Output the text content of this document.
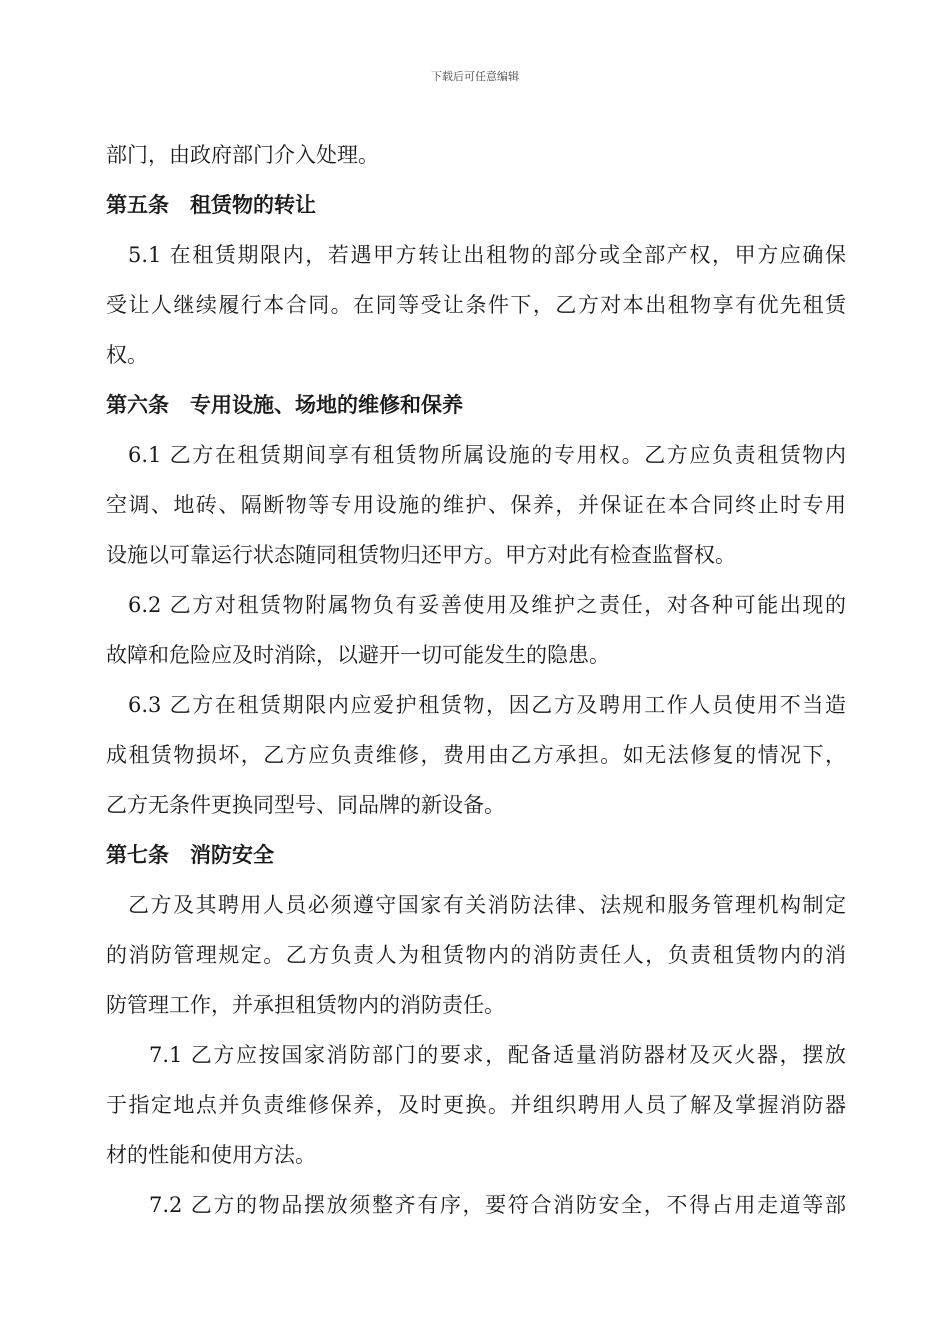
下载后可任意编辑
部门，由政府部门介入处理。
第五条　租赁物的转让
5.1 在租赁期限内，若遇甲方转让出租物的部分或全部产权，甲方应确保
受让人继续履行本合同。在同等受让条件下，乙方对本出租物享有优先租赁
权。
第六条　专用设施、场地的维修和保养
6.1 乙方在租赁期间享有租赁物所属设施的专用权。乙方应负责租赁物内
空调、地砖、隔断物等专用设施的维护、保养，并保证在本合同终止时专用
设施以可靠运行状态随同租赁物归还甲方。甲方对此有检查监督权。
6.2 乙方对租赁物附属物负有妥善使用及维护之责任，对各种可能出现的
故障和危险应及时消除，以避开一切可能发生的隐患。
6.3 乙方在租赁期限内应爱护租赁物，因乙方及聘用工作人员使用不当造
成租赁物损坏，乙方应负责维修，费用由乙方承担。如无法修复的情况下，
乙方无条件更换同型号、同品牌的新设备。
第七条　消防安全
乙方及其聘用人员必须遵守国家有关消防法律、法规和服务管理机构制定
的消防管理规定。乙方负责人为租赁物内的消防责任人，负责租赁物内的消
防管理工作，并承担租赁物内的消防责任。
7.1 乙方应按国家消防部门的要求，配备适量消防器材及灭火器，摆放
于指定地点并负责维修保养，及时更换。并组织聘用人员了解及掌握消防器
材的性能和使用方法。
7.2 乙方的物品摆放须整齐有序，要符合消防安全，不得占用走道等部
